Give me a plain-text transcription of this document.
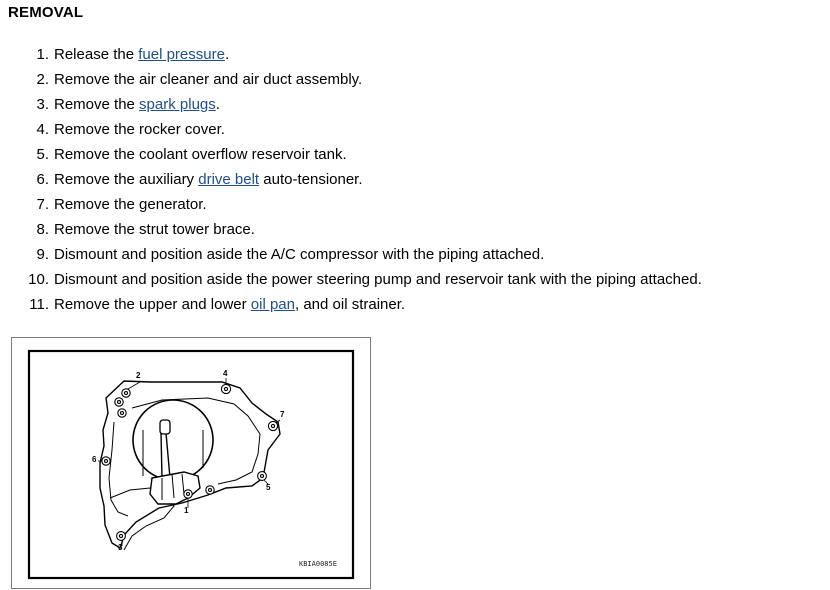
REMOVAL
1. Release the fuel pressure.
2. Remove the air cleaner and air duct assembly.
3. Remove the spark plugs.
4. Remove the rocker cover.
5. Remove the coolant overflow reservoir tank.
6. Remove the auxiliary drive belt auto-tensioner.
7. Remove the generator.
8. Remove the strut tower brace.
9. Dismount and position aside the A/C compressor with the piping attached.
10. Dismount and position aside the power steering pump and reservoir tank with the piping attached.
11. Remove the upper and lower oil pan, and oil strainer.
2	4
7
6
5
1
3
KBIA0085E
